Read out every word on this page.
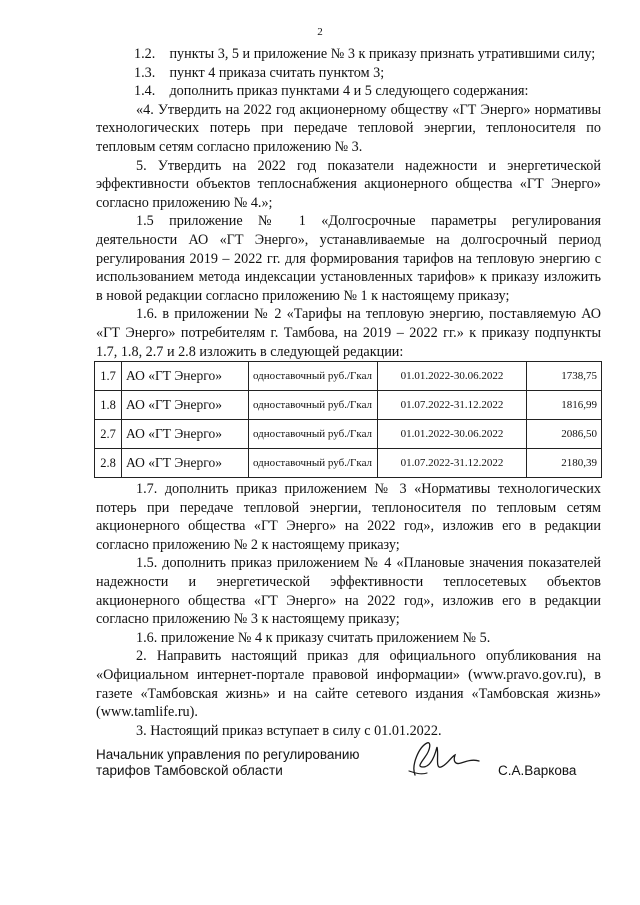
2

1.2. пункты 3, 5 и приложение № 3 к приказу признать утратившими силу;

1.3. пункт 4 приказа считать пунктом 3;

1.4. дополнить приказ пунктами 4 и 5 следующего содержания:

«4. Утвердить на 2022 год акционерному обществу «ГТ Энерго» нормативы технологических потерь при передаче тепловой энергии, теплоносителя по тепловым сетям согласно приложению № 3.

5. Утвердить на 2022 год показатели надежности и энергетической эффективности объектов теплоснабжения акционерного общества «ГТ Энерго» согласно приложению № 4.»;

1.5 приложение № 1 «Долгосрочные параметры регулирования деятельности АО «ГТ Энерго», устанавливаемые на долгосрочный период регулирования 2019 – 2022 гг. для формирования тарифов на тепловую энергию с использованием метода индексации установленных тарифов» к приказу изложить в новой редакции согласно приложению № 1 к настоящему приказу;

1.6. в приложении № 2 «Тарифы на тепловую энергию, поставляемую АО «ГТ Энерго» потребителям г. Тамбова, на 2019 – 2022 гг.» к приказу подпункты 1.7, 1.8, 2.7 и 2.8 изложить в следующей редакции:

1.7	АО «ГТ Энерго»	одноставочный руб./Гкал	01.01.2022-30.06.2022	1738,75
1.8	АО «ГТ Энерго»	одноставочный руб./Гкал	01.07.2022-31.12.2022	1816,99
2.7	АО «ГТ Энерго»	одноставочный руб./Гкал	01.01.2022-30.06.2022	2086,50
2.8	АО «ГТ Энерго»	одноставочный руб./Гкал	01.07.2022-31.12.2022	2180,39

1.7. дополнить приказ приложением № 3 «Нормативы технологических потерь при передаче тепловой энергии, теплоносителя по тепловым сетям акционерного общества «ГТ Энерго» на 2022 год», изложив его в редакции согласно приложению № 2 к настоящему приказу;

1.5. дополнить приказ приложением № 4 «Плановые значения показателей надежности и энергетической эффективности теплосетевых объектов акционерного общества «ГТ Энерго» на 2022 год», изложив его в редакции согласно приложению № 3 к настоящему приказу;

1.6. приложение № 4 к приказу считать приложением № 5.

2. Направить настоящий приказ для официального опубликования на «Официальном интернет-портале правовой информации» (www.pravo.gov.ru), в газете «Тамбовская жизнь» и на сайте сетевого издания «Тамбовская жизнь» (www.tamlife.ru).

3. Настоящий приказ вступает в силу с 01.01.2022.

Начальник управления по регулированию
тарифов Тамбовской области	С.А.Варкова
